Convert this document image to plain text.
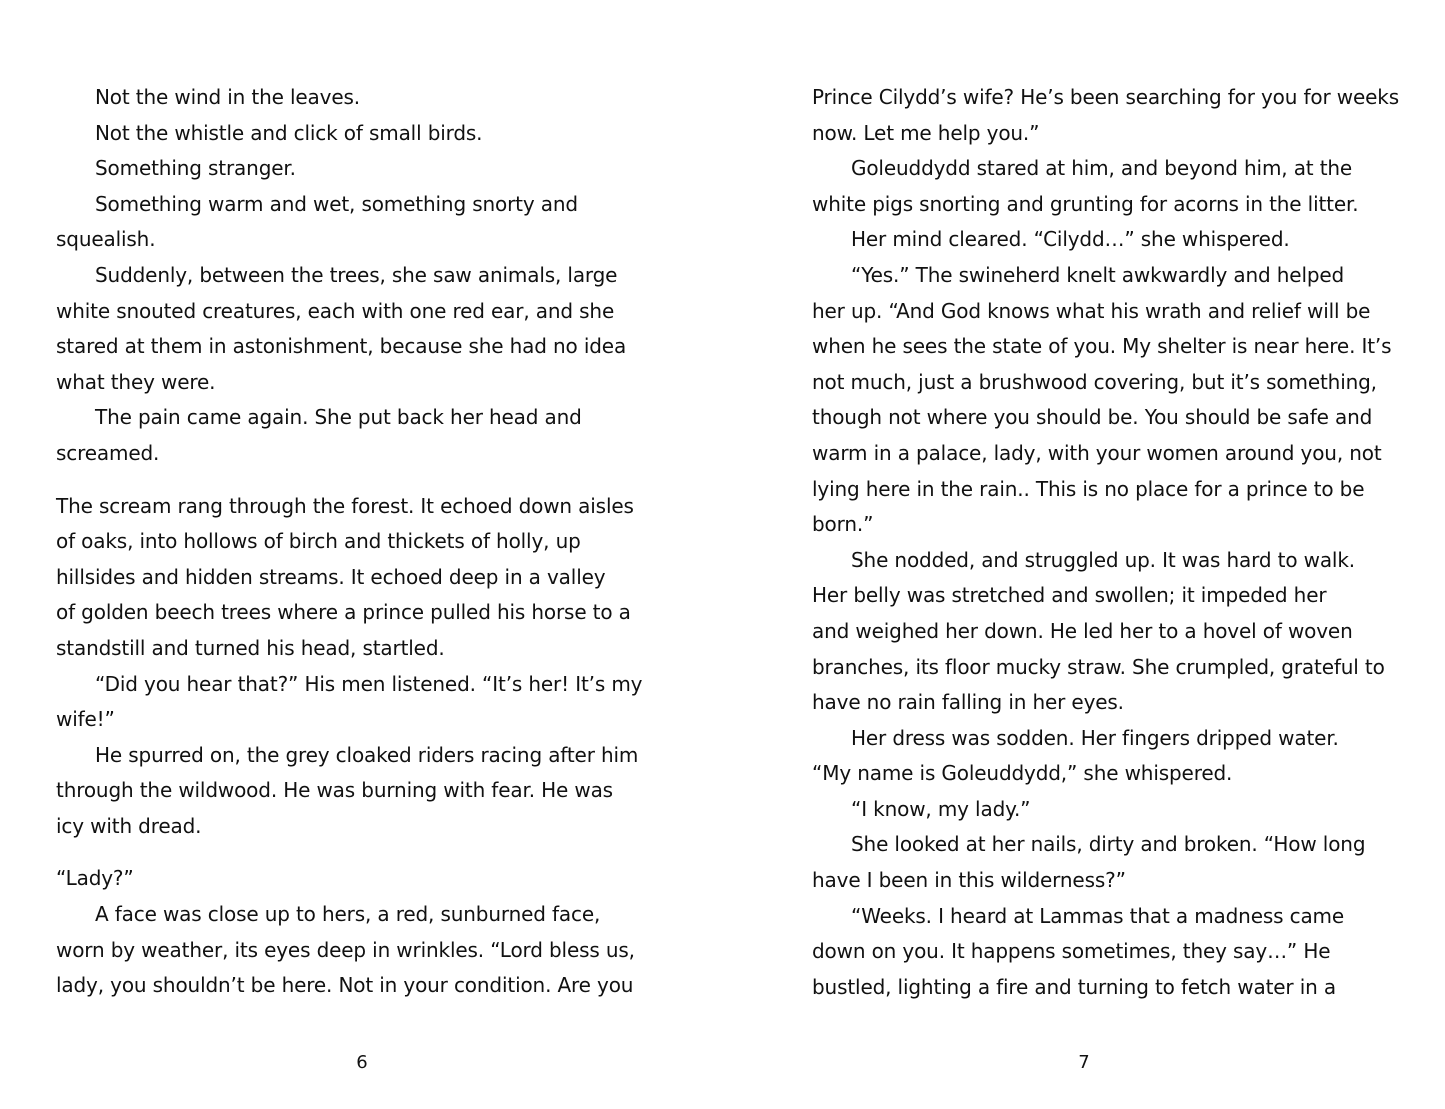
Not the wind in the leaves.
Not the whistle and click of small birds.
Something stranger.
Something warm and wet, something snorty and
squealish.
Suddenly, between the trees, she saw animals, large
white snouted creatures, each with one red ear, and she
stared at them in astonishment, because she had no idea
what they were.
The pain came again. She put back her head and
screamed.
The scream rang through the forest. It echoed down aisles
of oaks, into hollows of birch and thickets of holly, up
hillsides and hidden streams. It echoed deep in a valley
of golden beech trees where a prince pulled his horse to a
standstill and turned his head, startled.
“Did you hear that?” His men listened. “It’s her! It’s my
wife!”
He spurred on, the grey cloaked riders racing after him
through the wildwood. He was burning with fear. He was
icy with dread.
“Lady?”
A face was close up to hers, a red, sunburned face,
worn by weather, its eyes deep in wrinkles. “Lord bless us,
lady, you shouldn’t be here. Not in your condition. Are you
Prince Cilydd’s wife? He’s been searching for you for weeks
now. Let me help you.”
Goleuddydd stared at him, and beyond him, at the
white pigs snorting and grunting for acorns in the litter.
Her mind cleared. “Cilydd…” she whispered.
“Yes.” The swineherd knelt awkwardly and helped
her up. “And God knows what his wrath and relief will be
when he sees the state of you. My shelter is near here. It’s
not much, just a brushwood covering, but it’s something,
though not where you should be. You should be safe and
warm in a palace, lady, with your women around you, not
lying here in the rain.. This is no place for a prince to be
born.”
She nodded, and struggled up. It was hard to walk.
Her belly was stretched and swollen; it impeded her
and weighed her down. He led her to a hovel of woven
branches, its floor mucky straw. She crumpled, grateful to
have no rain falling in her eyes.
Her dress was sodden. Her fingers dripped water.
“My name is Goleuddydd,” she whispered.
“I know, my lady.”
She looked at her nails, dirty and broken. “How long
have I been in this wilderness?”
“Weeks. I heard at Lammas that a madness came
down on you. It happens sometimes, they say…” He
bustled, lighting a fire and turning to fetch water in a
6	7
